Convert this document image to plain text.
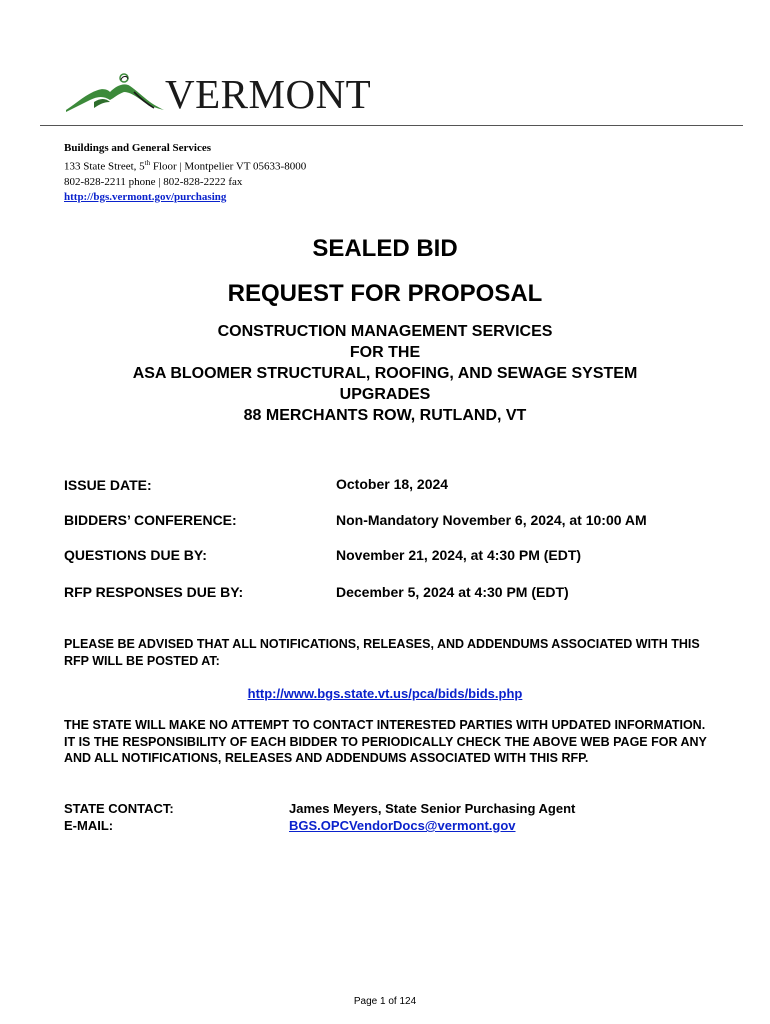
VERMONT
Buildings and General Services
133 State Street, 5th Floor | Montpelier VT 05633-8000
802-828-2211 phone | 802-828-2222 fax
http://bgs.vermont.gov/purchasing
SEALED BID
REQUEST FOR PROPOSAL
CONSTRUCTION MANAGEMENT SERVICES
FOR THE
ASA BLOOMER STRUCTURAL, ROOFING, AND SEWAGE SYSTEM
UPGRADES
88 MERCHANTS ROW, RUTLAND, VT
ISSUE DATE:	October 18, 2024
BIDDERS’ CONFERENCE:	Non-Mandatory November 6, 2024, at 10:00 AM
QUESTIONS DUE BY:	November 21, 2024, at 4:30 PM (EDT)
RFP RESPONSES DUE BY:	December 5, 2024 at 4:30 PM (EDT)
PLEASE BE ADVISED THAT ALL NOTIFICATIONS, RELEASES, AND ADDENDUMS ASSOCIATED WITH THIS RFP WILL BE POSTED AT:
http://www.bgs.state.vt.us/pca/bids/bids.php
THE STATE WILL MAKE NO ATTEMPT TO CONTACT INTERESTED PARTIES WITH UPDATED INFORMATION. IT IS THE RESPONSIBILITY OF EACH BIDDER TO PERIODICALLY CHECK THE ABOVE WEB PAGE FOR ANY AND ALL NOTIFICATIONS, RELEASES AND ADDENDUMS ASSOCIATED WITH THIS RFP.
STATE CONTACT:	James Meyers, State Senior Purchasing Agent
E-MAIL:	BGS.OPCVendorDocs@vermont.gov
Page 1 of 124
